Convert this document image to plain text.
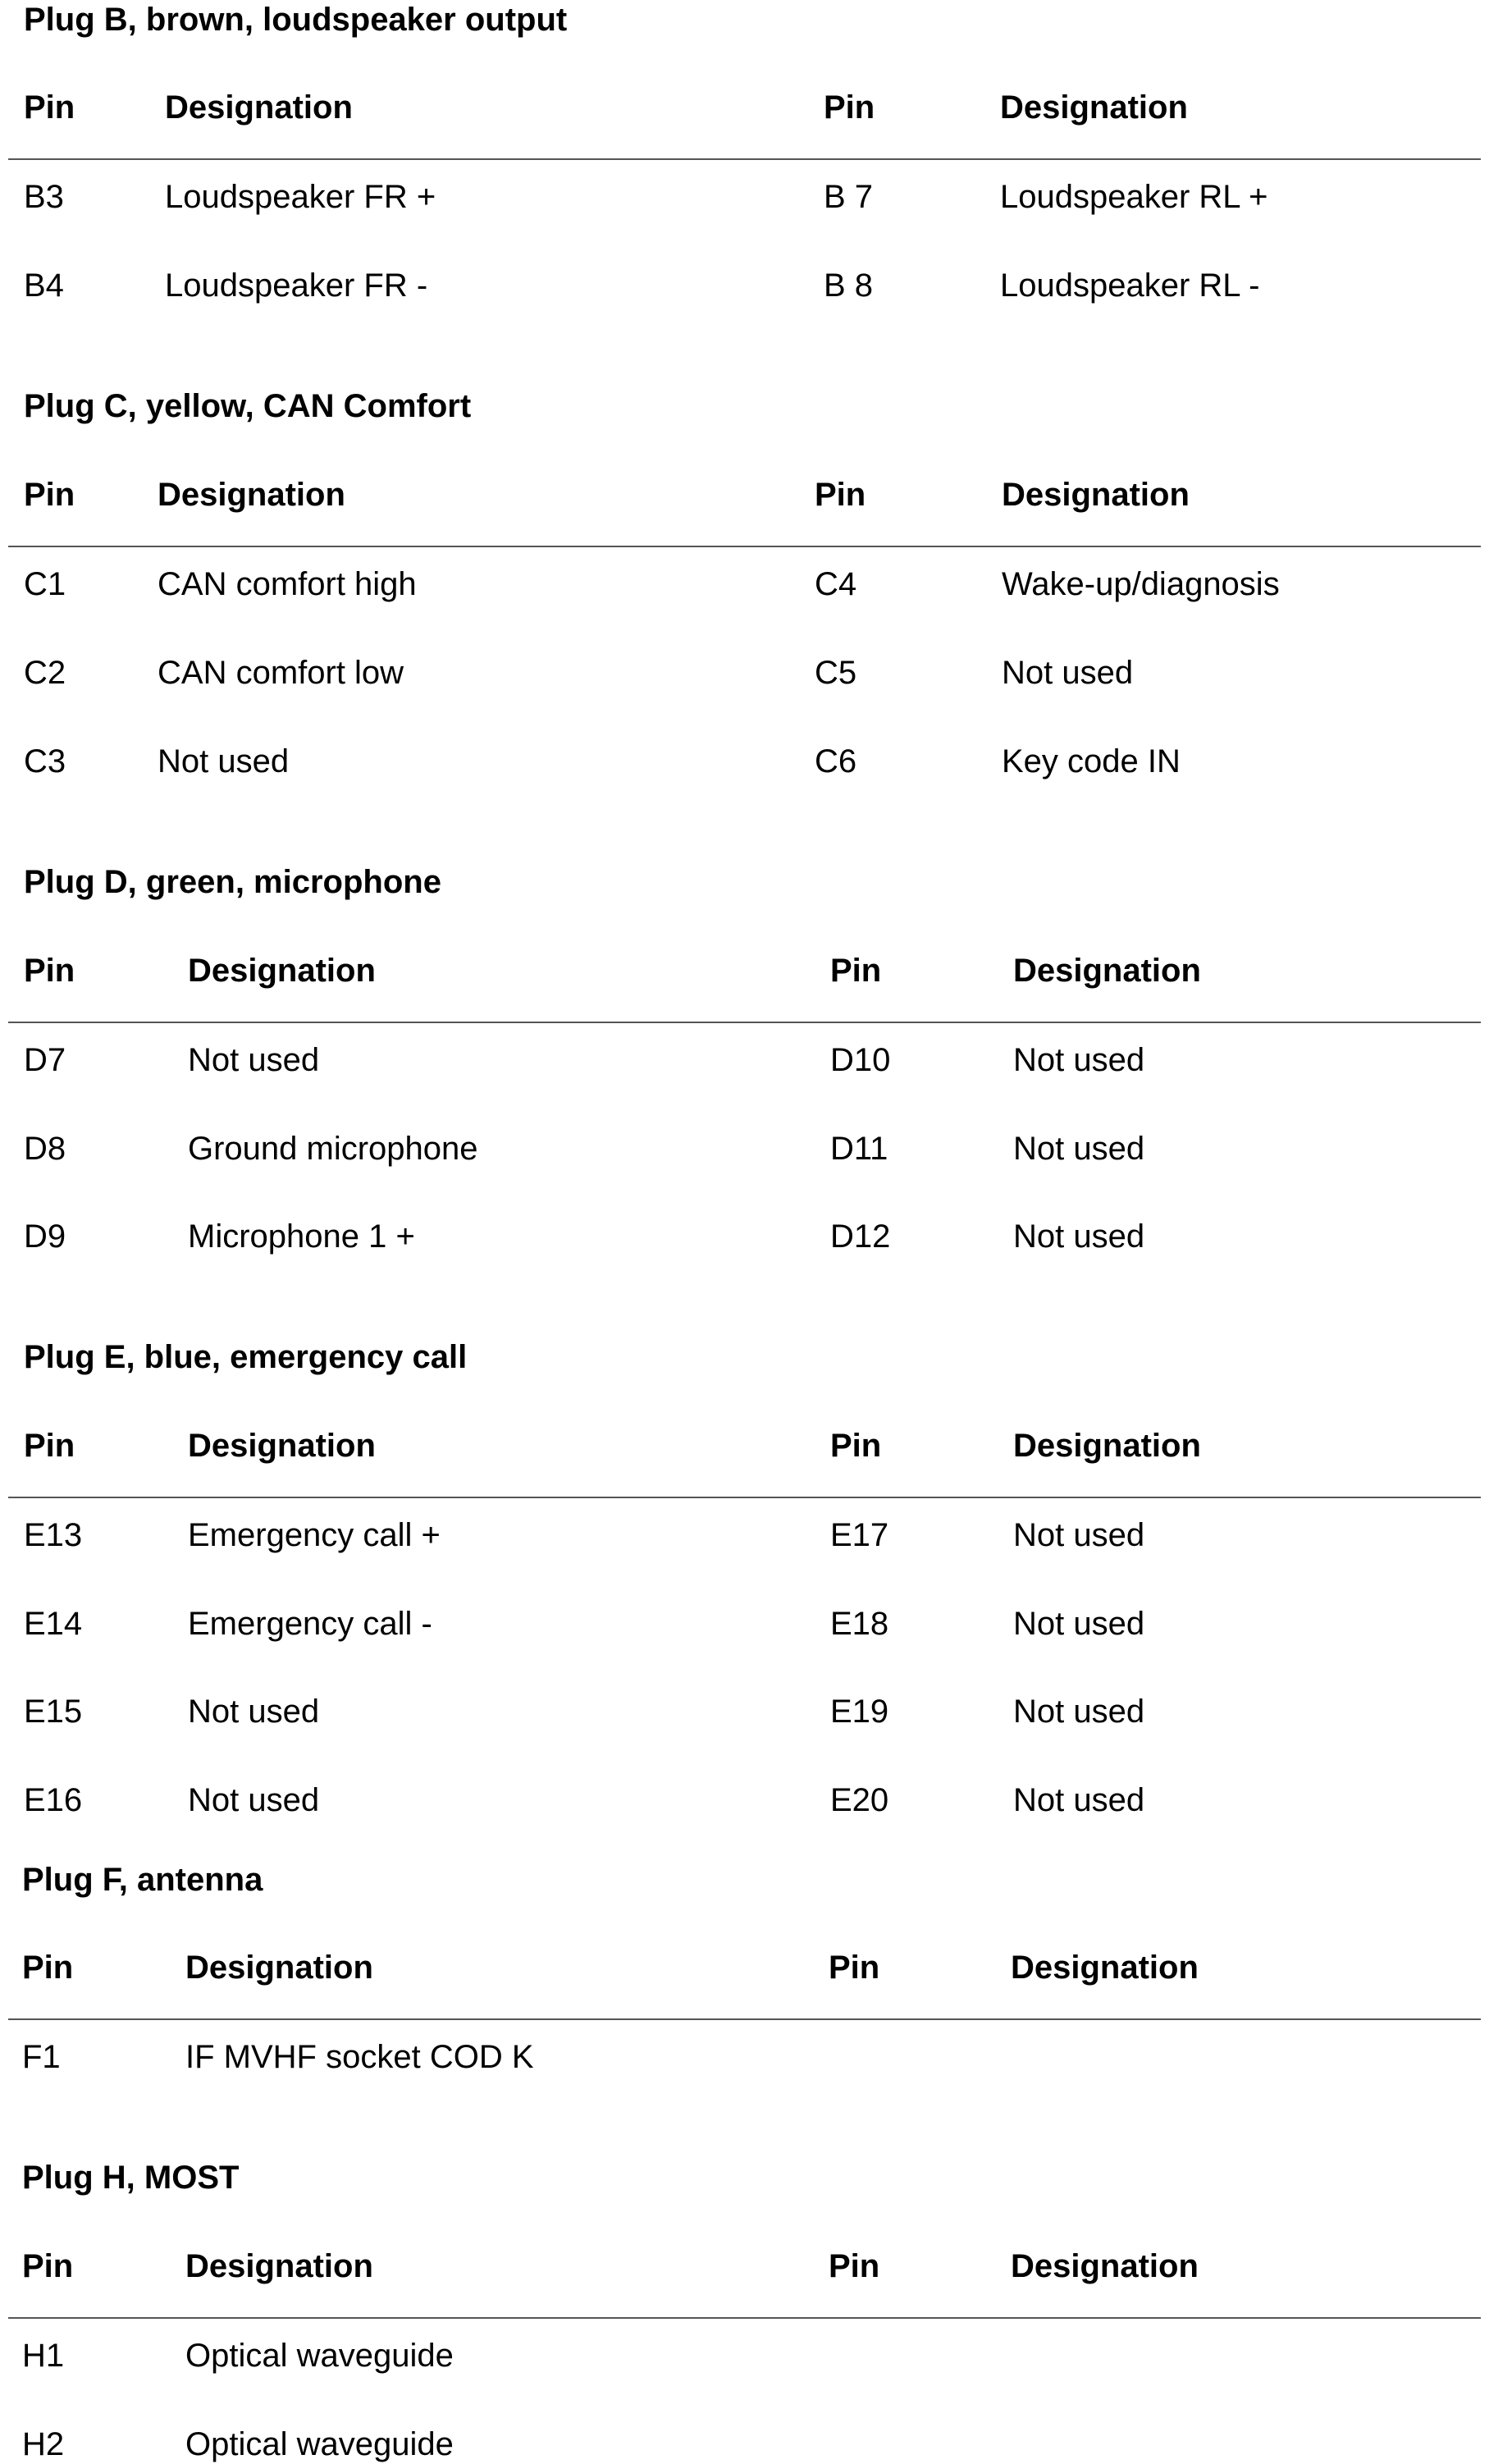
Plug B, brown, loudspeaker output
Pin	Designation	Pin	Designation
B3	Loudspeaker FR +	B 7	Loudspeaker RL +
B4	Loudspeaker FR -	B 8	Loudspeaker RL -
Plug C, yellow, CAN Comfort
Pin	Designation	Pin	Designation
C1	CAN comfort high	C4	Wake-up/diagnosis
C2	CAN comfort low	C5	Not used
C3	Not used	C6	Key code IN
Plug D, green, microphone
Pin	Designation	Pin	Designation
D7	Not used	D10	Not used
D8	Ground microphone	D11	Not used
D9	Microphone 1 +	D12	Not used
Plug E, blue, emergency call
Pin	Designation	Pin	Designation
E13	Emergency call +	E17	Not used
E14	Emergency call -	E18	Not used
E15	Not used	E19	Not used
E16	Not used	E20	Not used
Plug F, antenna
Pin	Designation	Pin	Designation
F1	IF MVHF socket COD K
Plug H, MOST
Pin	Designation	Pin	Designation
H1	Optical waveguide
H2	Optical waveguide
